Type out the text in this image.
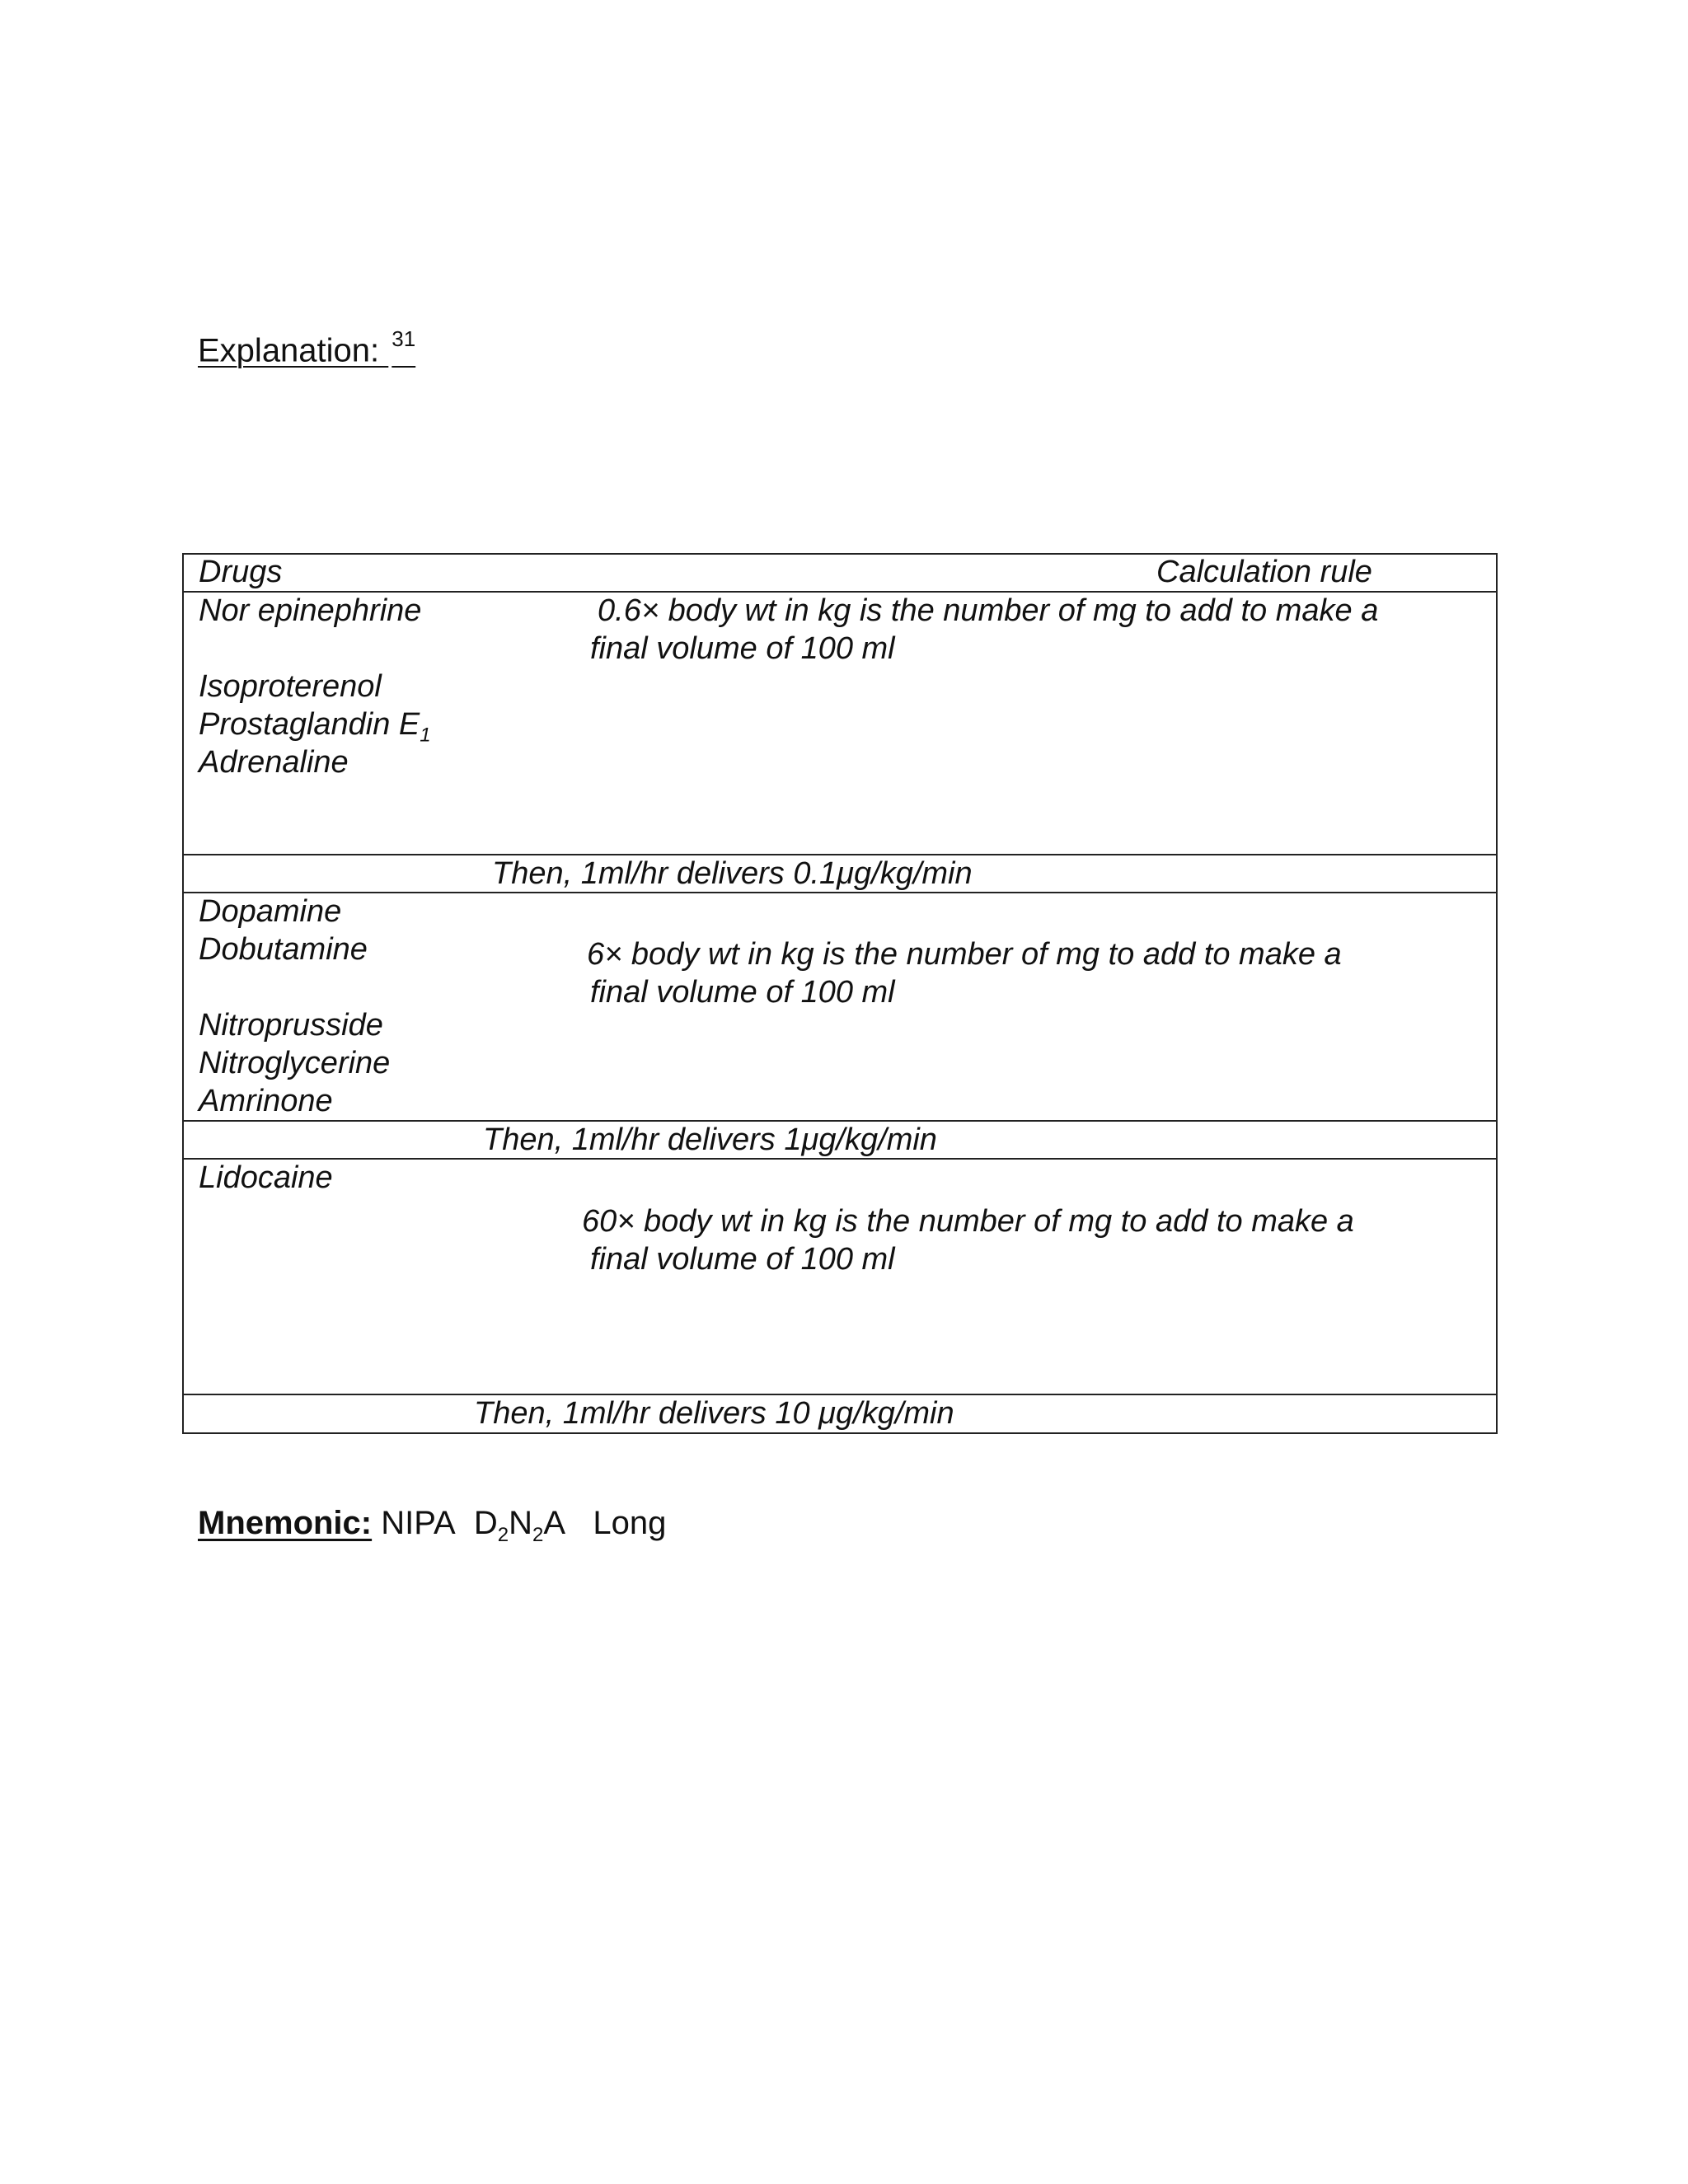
Explanation: $^{31}$
Drugs	Calculation rule
Nor epinephrine
Isoproterenol
Prostaglandin $E_1$
Adrenaline
0.6× body wt in kg is the number of mg to add to make a
final volume of 100 ml
Then, 1ml/hr delivers 0.1μg/kg/min
Dopamine
Dobutamine
Nitroprusside
Nitroglycerine
Amrinone
6× body wt in kg is the number of mg to add to make a
final volume of 100 ml
Then, 1ml/hr delivers 1μg/kg/min
Lidocaine
60× body wt in kg is the number of mg to add to make a
final volume of 100 ml
Then, 1ml/hr delivers 10 μg/kg/min
Mnemonic: NIPA $D_2N_2A$ Long
